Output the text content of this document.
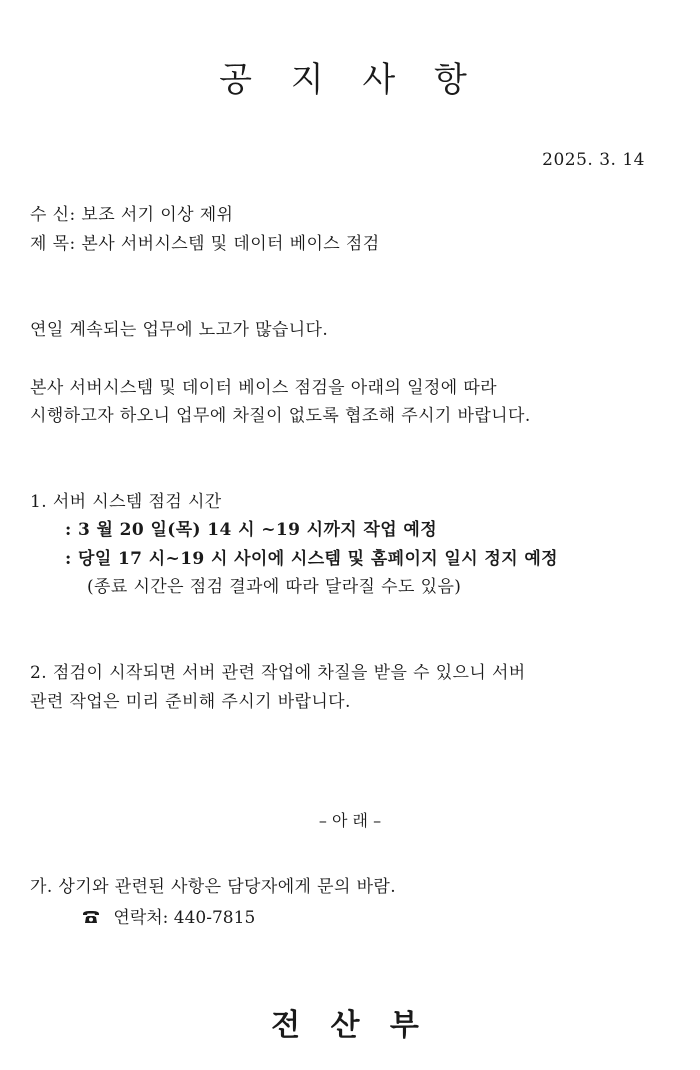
공 지 사 항
2025. 3. 14
수 신: 보조 서기 이상 제위
제 목: 본사 서버시스템 및 데이터 베이스 점검
연일 계속되는 업무에 노고가 많습니다.
본사 서버시스템 및 데이터 베이스 점검을 아래의 일정에 따라
시행하고자 하오니 업무에 차질이 없도록 협조해 주시기 바랍니다.
1. 서버 시스템 점검 시간
: 3 월 20 일(목) 14 시 ~19 시까지 작업 예정
: 당일 17 시~19 시 사이에 시스템 및 홈페이지 일시 정지 예정
(종료 시간은 점검 결과에 따라 달라질 수도 있음)
2. 점검이 시작되면 서버 관련 작업에 차질을 받을 수 있으니 서버
관련 작업은 미리 준비해 주시기 바랍니다.
– 아 래 –
가. 상기와 관련된 사항은 담당자에게 문의 바람.
연락처: 440-7815
전 산 부
